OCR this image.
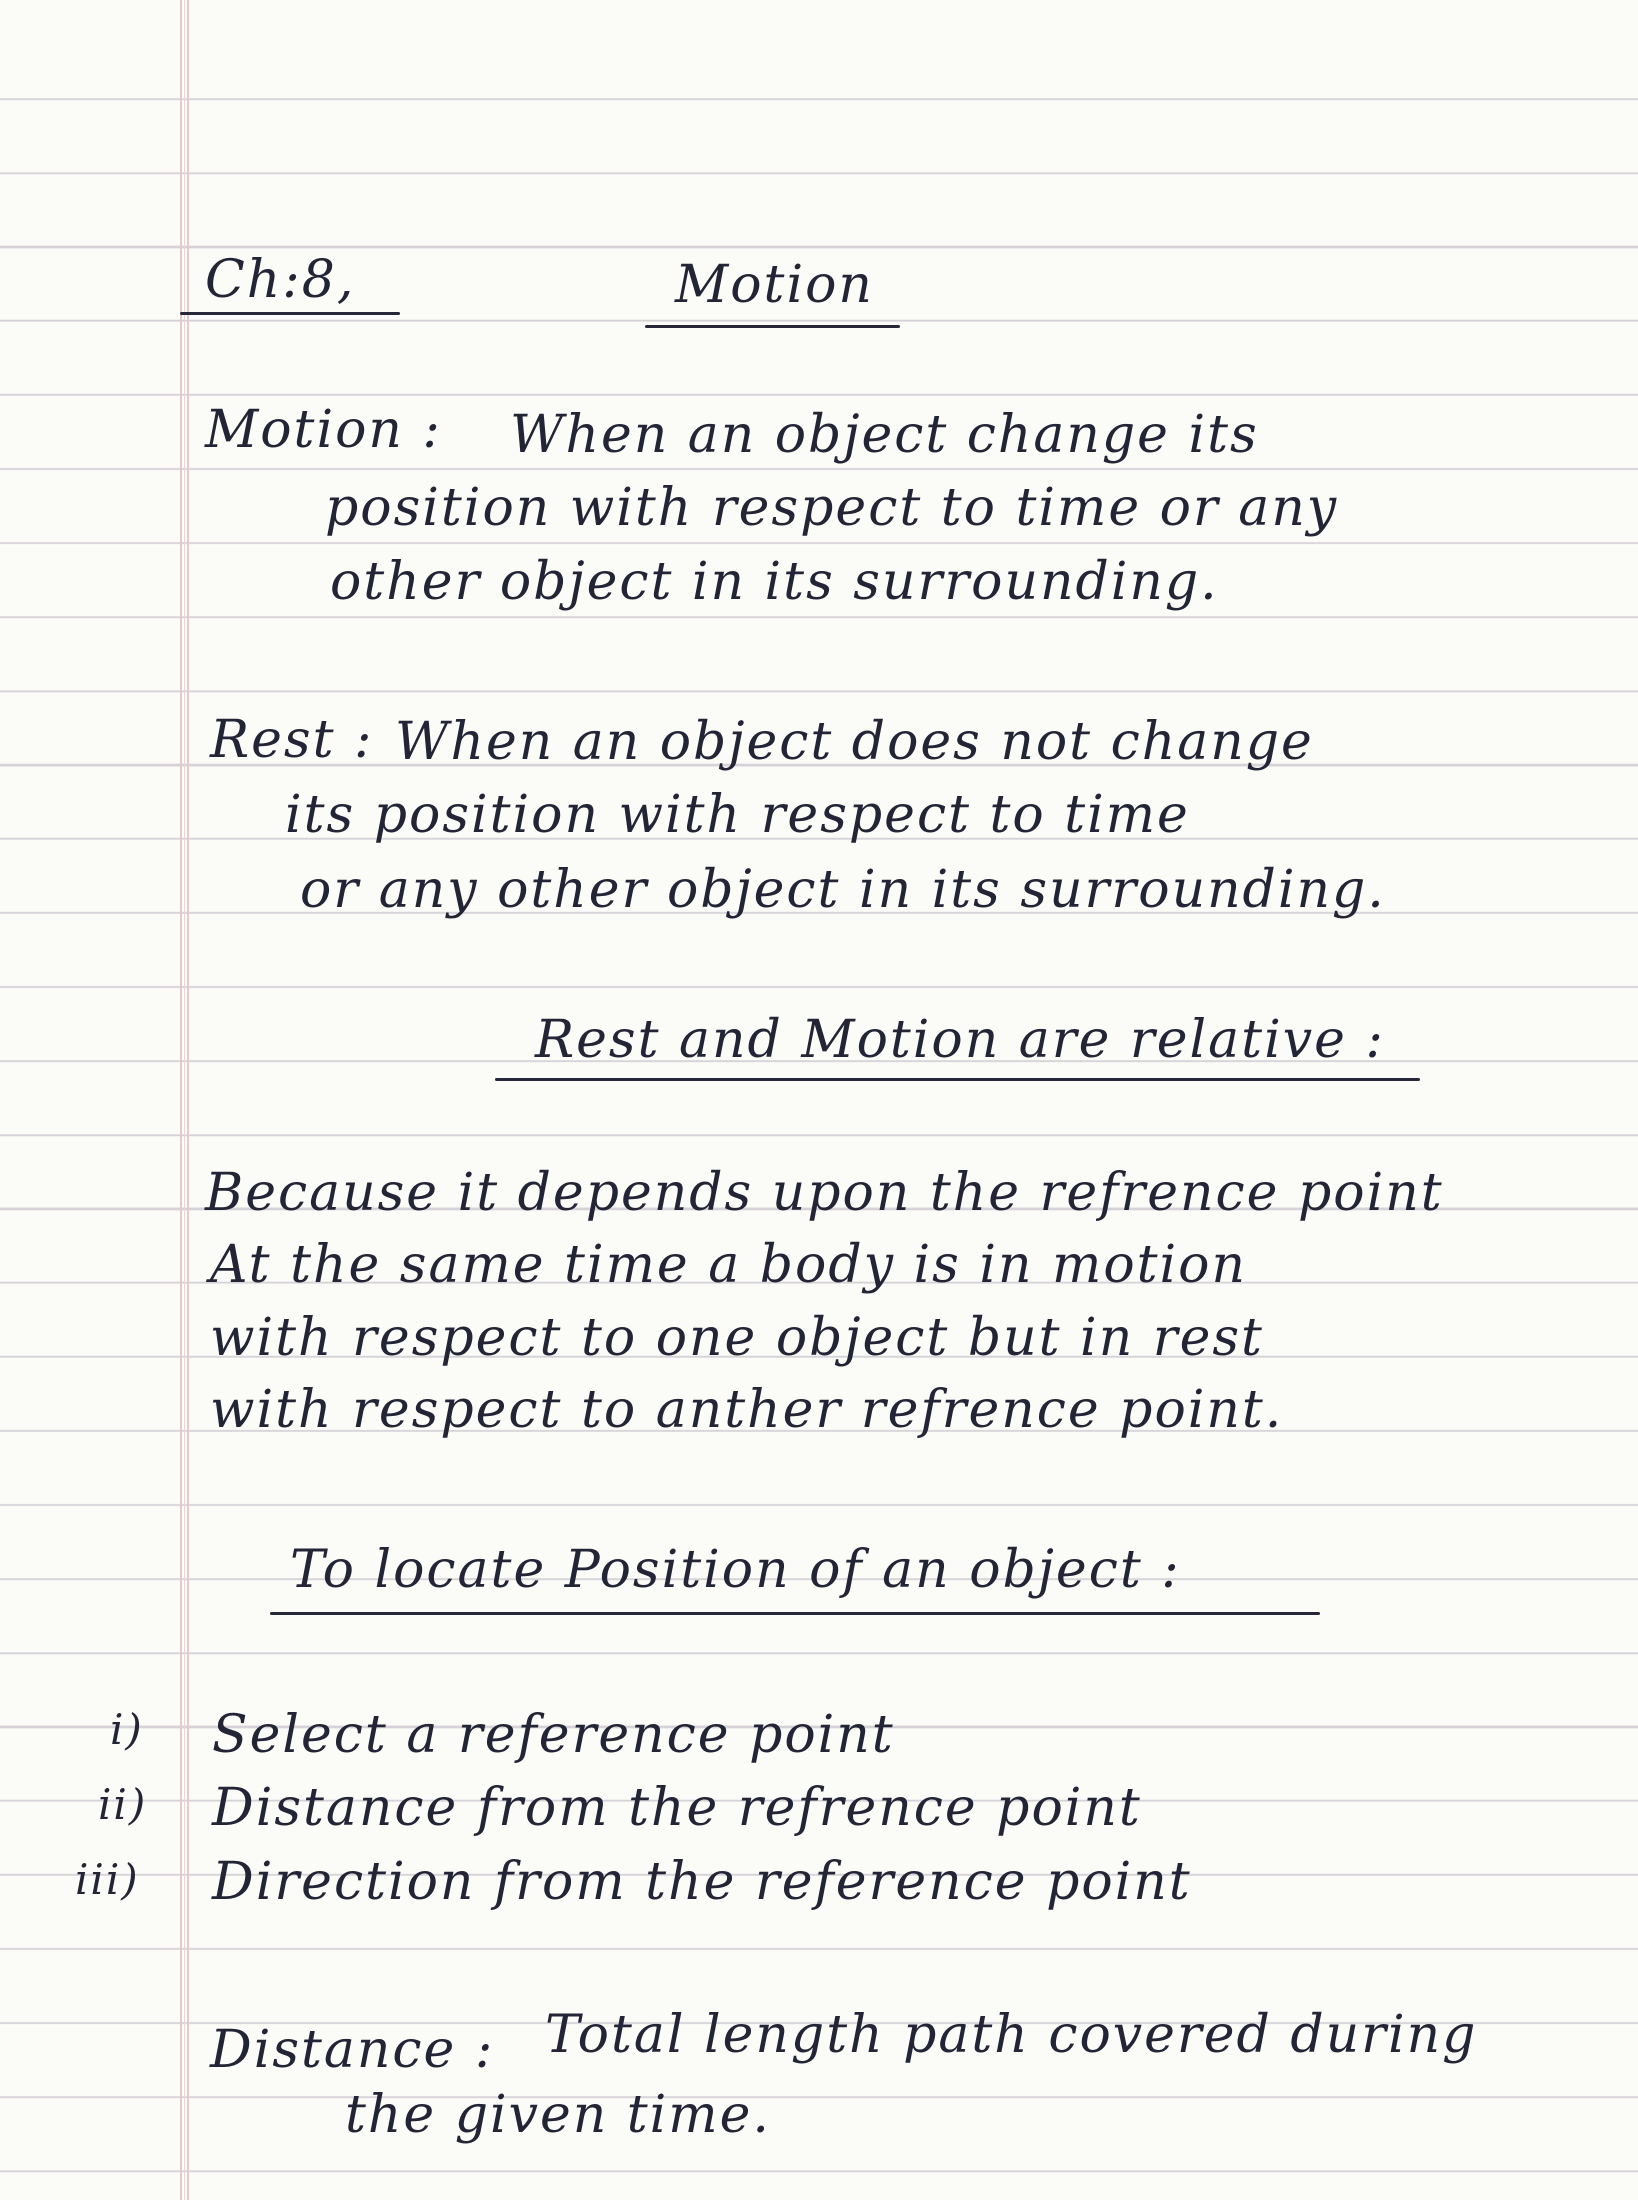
Ch:8,	Motion
Motion : When an object change its
position with respect to time or any
other object in its surrounding.
Rest : When an object does not change
its position with respect to time
or any other object in its surrounding.
Rest and Motion are relative :
Because it depends upon the refrence point
At the same time a body is in motion
with respect to one object but in rest
with respect to anther refrence point.
To locate Position of an object :
i) Select a reference point
ii) Distance from the refrence point
iii) Direction from the reference point
Distance : Total length path covered during
the given time.
